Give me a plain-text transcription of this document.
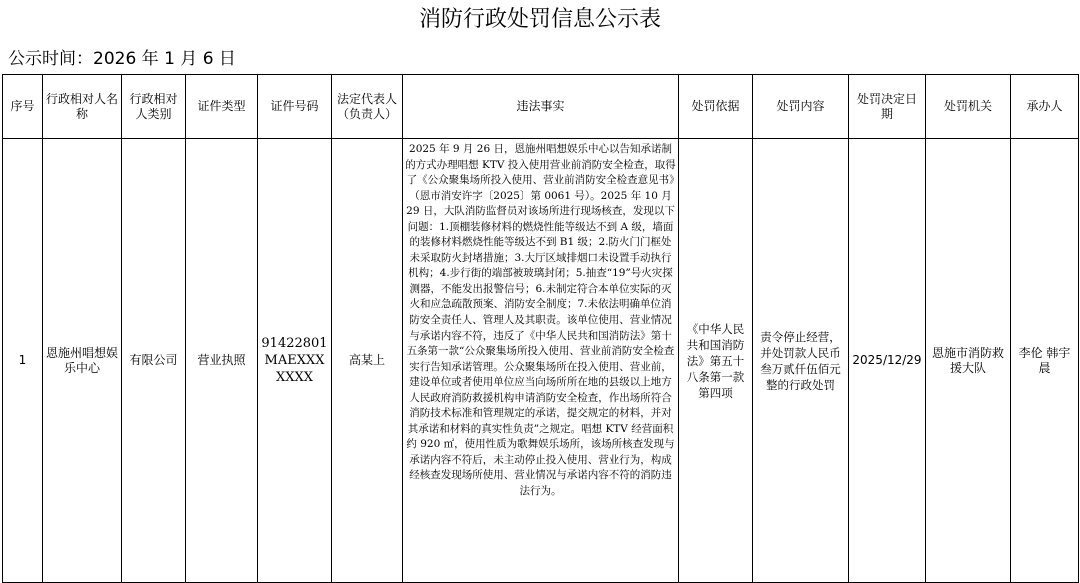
消防行政处罚信息公示表
公示时间：2026 年 1 月 6 日
序号	行政相对人名称	行政相对人类别	证件类型	证件号码	法定代表人（负责人）	违法事实	处罚依据	处罚内容	处罚决定日期	处罚机关	承办人
1	恩施州唱想娱乐中心	有限公司	营业执照	91422801MAEXXXXXXX	高某上	2025 年 9 月 26 日，恩施州唱想娱乐中心以告知承诺制的方式办理唱想 KTV 投入使用营业前消防安全检查，取得了《公众聚集场所投入使用、营业前消防安全检查意见书》（恩市消安许字〔2025〕第 0061 号）。2025 年 10 月 29 日，大队消防监督员对该场所进行现场核查，发现以下问题：1.顶棚装修材料的燃烧性能等级达不到 A 级，墙面的装修材料燃烧性能等级达不到 B1 级；2.防火门门框处未采取防火封堵措施；3.大厅区域排烟口未设置手动执行机构；4.步行街的端部被玻璃封闭；5.抽查“19”号火灾探测器，不能发出报警信号；6.未制定符合本单位实际的灭火和应急疏散预案、消防安全制度；7.未依法明确单位消防安全责任人、管理人及其职责。该单位使用、营业情况与承诺内容不符，违反了《中华人民共和国消防法》第十五条第一款“公众聚集场所投入使用、营业前消防安全检查实行告知承诺管理。公众聚集场所在投入使用、营业前，建设单位或者使用单位应当向场所所在地的县级以上地方人民政府消防救援机构申请消防安全检查，作出场所符合消防技术标准和管理规定的承诺，提交规定的材料，并对其承诺和材料的真实性负责”之规定。唱想 KTV 经营面积约 920 ㎡，使用性质为歌舞娱乐场所，该场所核查发现与承诺内容不符后，未主动停止投入使用、营业行为，构成经核查发现场所使用、营业情况与承诺内容不符的消防违法行为。	《中华人民共和国消防法》第五十八条第一款第四项	责令停止经营，并处罚款人民币叁万贰仟伍佰元整的行政处罚	2025/12/29	恩施市消防救援大队	李伦 韩宇晨
